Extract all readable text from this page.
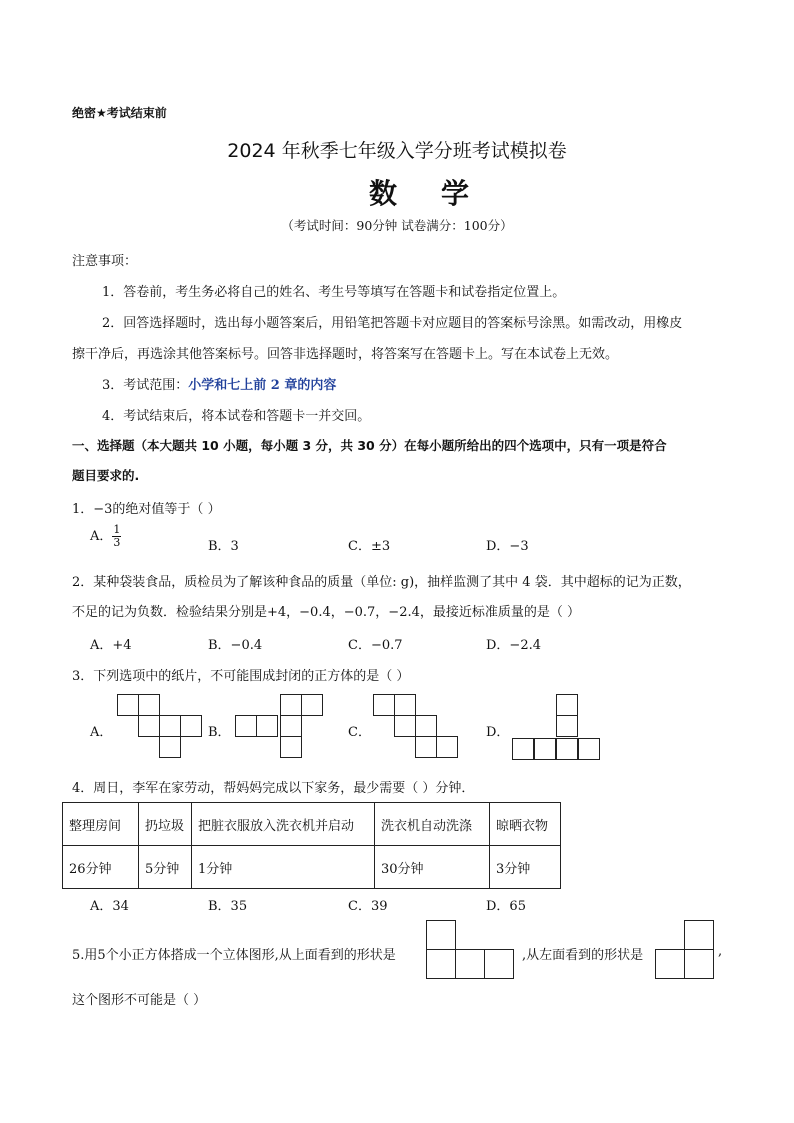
绝密★考试结束前
2024 年秋季七年级入学分班考试模拟卷
数学
（考试时间：90分钟 试卷满分：100分）
注意事项：
1．答卷前，考生务必将自己的姓名、考生号等填写在答题卡和试卷指定位置上。
2．回答选择题时，选出每小题答案后，用铅笔把答题卡对应题目的答案标号涂黑。如需改动，用橡皮
擦干净后，再选涂其他答案标号。回答非选择题时，将答案写在答题卡上。写在本试卷上无效。
3．考试范围：小学和七上前 2 章的内容
4．考试结束后，将本试卷和答题卡一并交回。
一、选择题（本大题共 10 小题，每小题 3 分，共 30 分）在每小题所给出的四个选项中，只有一项是符合
题目要求的.
1．−3的绝对值等于（ ）
A． $\frac{1}{3}$	B．3	C．±3	D．−3
2．某种袋装食品，质检员为了解该种食品的质量（单位: g)，抽样监测了其中 4 袋．其中超标的记为正数，
不足的记为负数．检验结果分别是+4，−0.4，−0.7，−2.4，最接近标准质量的是（ ）
A．+4	B．−0.4	C．−0.7	D．−2.4
3．下列选项中的纸片，不可能围成封闭的正方体的是（ ）
A．	B．	C．	D．
4．周日，李军在家劳动，帮妈妈完成以下家务，最少需要（ ）分钟．
整理房间	扔垃圾	把脏衣服放入洗衣机并启动	洗衣机自动洗涤	晾晒衣物
26分钟	5分钟	1分钟	30分钟	3分钟
A．34	B．35	C．39	D．65
5.用5个小正方体搭成一个立体图形,从上面看到的形状是	,从左面看到的形状是	,
这个图形不可能是（ ）
